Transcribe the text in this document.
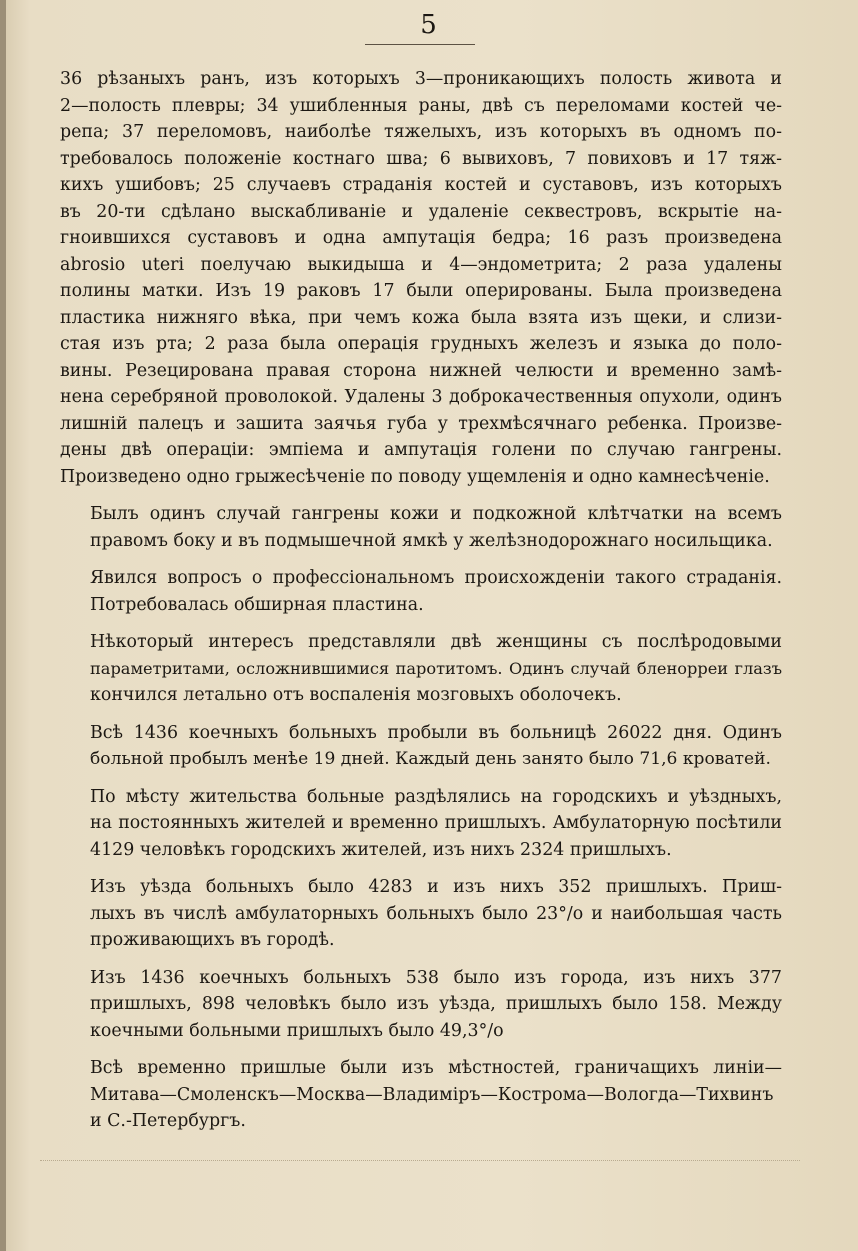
5

36 рѣзаныхъ ранъ, изъ которыхъ 3—проникающихъ полость живота и
2—полость плевры; 34 ушибленныя раны, двѣ съ переломами костей че-
репа; 37 переломовъ, наиболѣе тяжелыхъ, изъ которыхъ въ одномъ по-
требовалось положеніе костнаго шва; 6 вывиховъ, 7 повиховъ и 17 тяж-
кихъ ушибовъ; 25 случаевъ страданія костей и суставовъ, изъ которыхъ
въ 20-ти сдѣлано выскабливаніе и удаленіе секвестровъ, вскрытіе на-
гноившихся суставовъ и одна ампутація бедра; 16 разъ произведена
abrosio uteri поелучаю выкидыша и 4—эндометрита; 2 раза удалены
полины матки. Изъ 19 раковъ 17 были оперированы. Была произведена
пластика нижняго вѣка, при чемъ кожа была взята изъ щеки, и слизи-
стая изъ рта; 2 раза была операція грудныхъ железъ и языка до поло-
вины. Резецирована правая сторона нижней челюсти и временно замѣ-
нена серебряной проволокой. Удалены 3 доброкачественныя опухоли, одинъ
лишній палецъ и зашита заячья губа у трехмѣсячнаго ребенка. Произве-
дены двѣ операціи: эмпіема и ампутація голени по случаю гангрены.
Произведено одно грыжесѣченіе по поводу ущемленія и одно камнесѣченіе.

Былъ одинъ случай гангрены кожи и подкожной клѣтчатки на всемъ
правомъ боку и въ подмышечной ямкѣ у желѣзнодорожнаго носильщика.

Явился вопросъ о профессіональномъ происхожденіи такого страданія.
Потребовалась обширная пластина.

Нѣкоторый интересъ представляли двѣ женщины съ послѣродовыми
параметритами, осложнившимися паротитомъ. Одинъ случай бленорреи глазъ
кончился летально отъ воспаленія мозговыхъ оболочекъ.

Всѣ 1436 коечныхъ больныхъ пробыли въ больницѣ 26022 дня. Одинъ
больной пробылъ менѣе 19 дней. Каждый день занято было 71,6 кроватей.

По мѣсту жительства больные раздѣлялись на городскихъ и уѣздныхъ,
на постоянныхъ жителей и временно пришлыхъ. Амбулаторную посѣтили
4129 человѣкъ городскихъ жителей, изъ нихъ 2324 пришлыхъ.

Изъ уѣзда больныхъ было 4283 и изъ нихъ 352 пришлыхъ. Приш-
лыхъ въ числѣ амбулаторныхъ больныхъ было 23°/о и наибольшая часть
проживающихъ въ городѣ.

Изъ 1436 коечныхъ больныхъ 538 было изъ города, изъ нихъ 377
пришлыхъ, 898 человѣкъ было изъ уѣзда, пришлыхъ было 158. Между
коечными больными пришлыхъ было 49,3°/о

Всѣ временно пришлые были изъ мѣстностей, граничащихъ линіи—
Митава—Смоленскъ—Москва—Владиміръ—Кострома—Вологда—Тихвинъ
и С.-Петербургъ.
